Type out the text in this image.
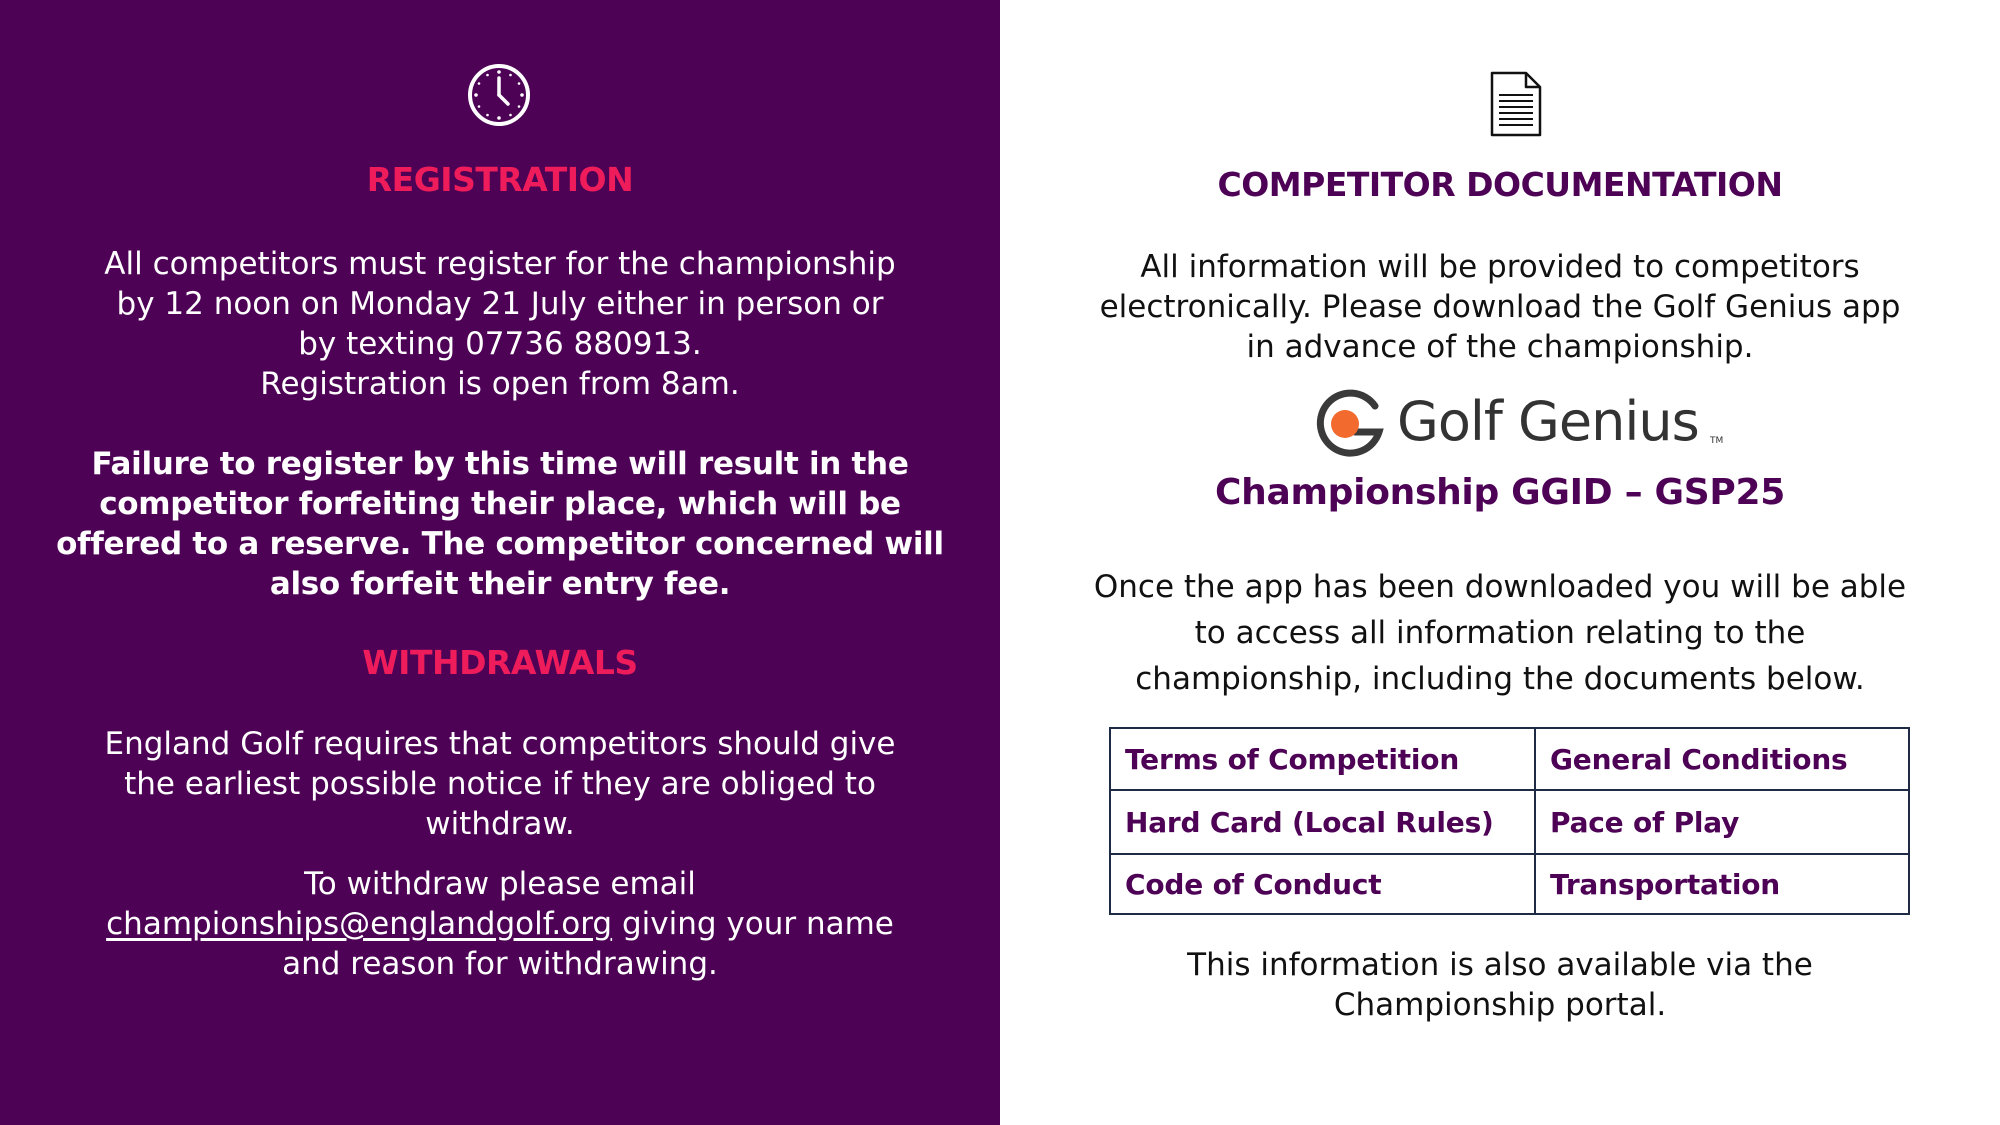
REGISTRATION
All competitors must register for the championship
by 12 noon on Monday 21 July either in person or
by texting 07736 880913.
Registration is open from 8am.
Failure to register by this time will result in the
competitor forfeiting their place, which will be
offered to a reserve. The competitor concerned will
also forfeit their entry fee.
WITHDRAWALS
England Golf requires that competitors should give
the earliest possible notice if they are obliged to
withdraw.
To withdraw please email
championships@englandgolf.org giving your name
and reason for withdrawing.
COMPETITOR DOCUMENTATION
All information will be provided to competitors
electronically. Please download the Golf Genius app
in advance of the championship.
Golf Genius TM
Championship GGID – GSP25
Once the app has been downloaded you will be able
to access all information relating to the
championship, including the documents below.
Terms of Competition	General Conditions
Hard Card (Local Rules)	Pace of Play
Code of Conduct	Transportation
This information is also available via the
Championship portal.
